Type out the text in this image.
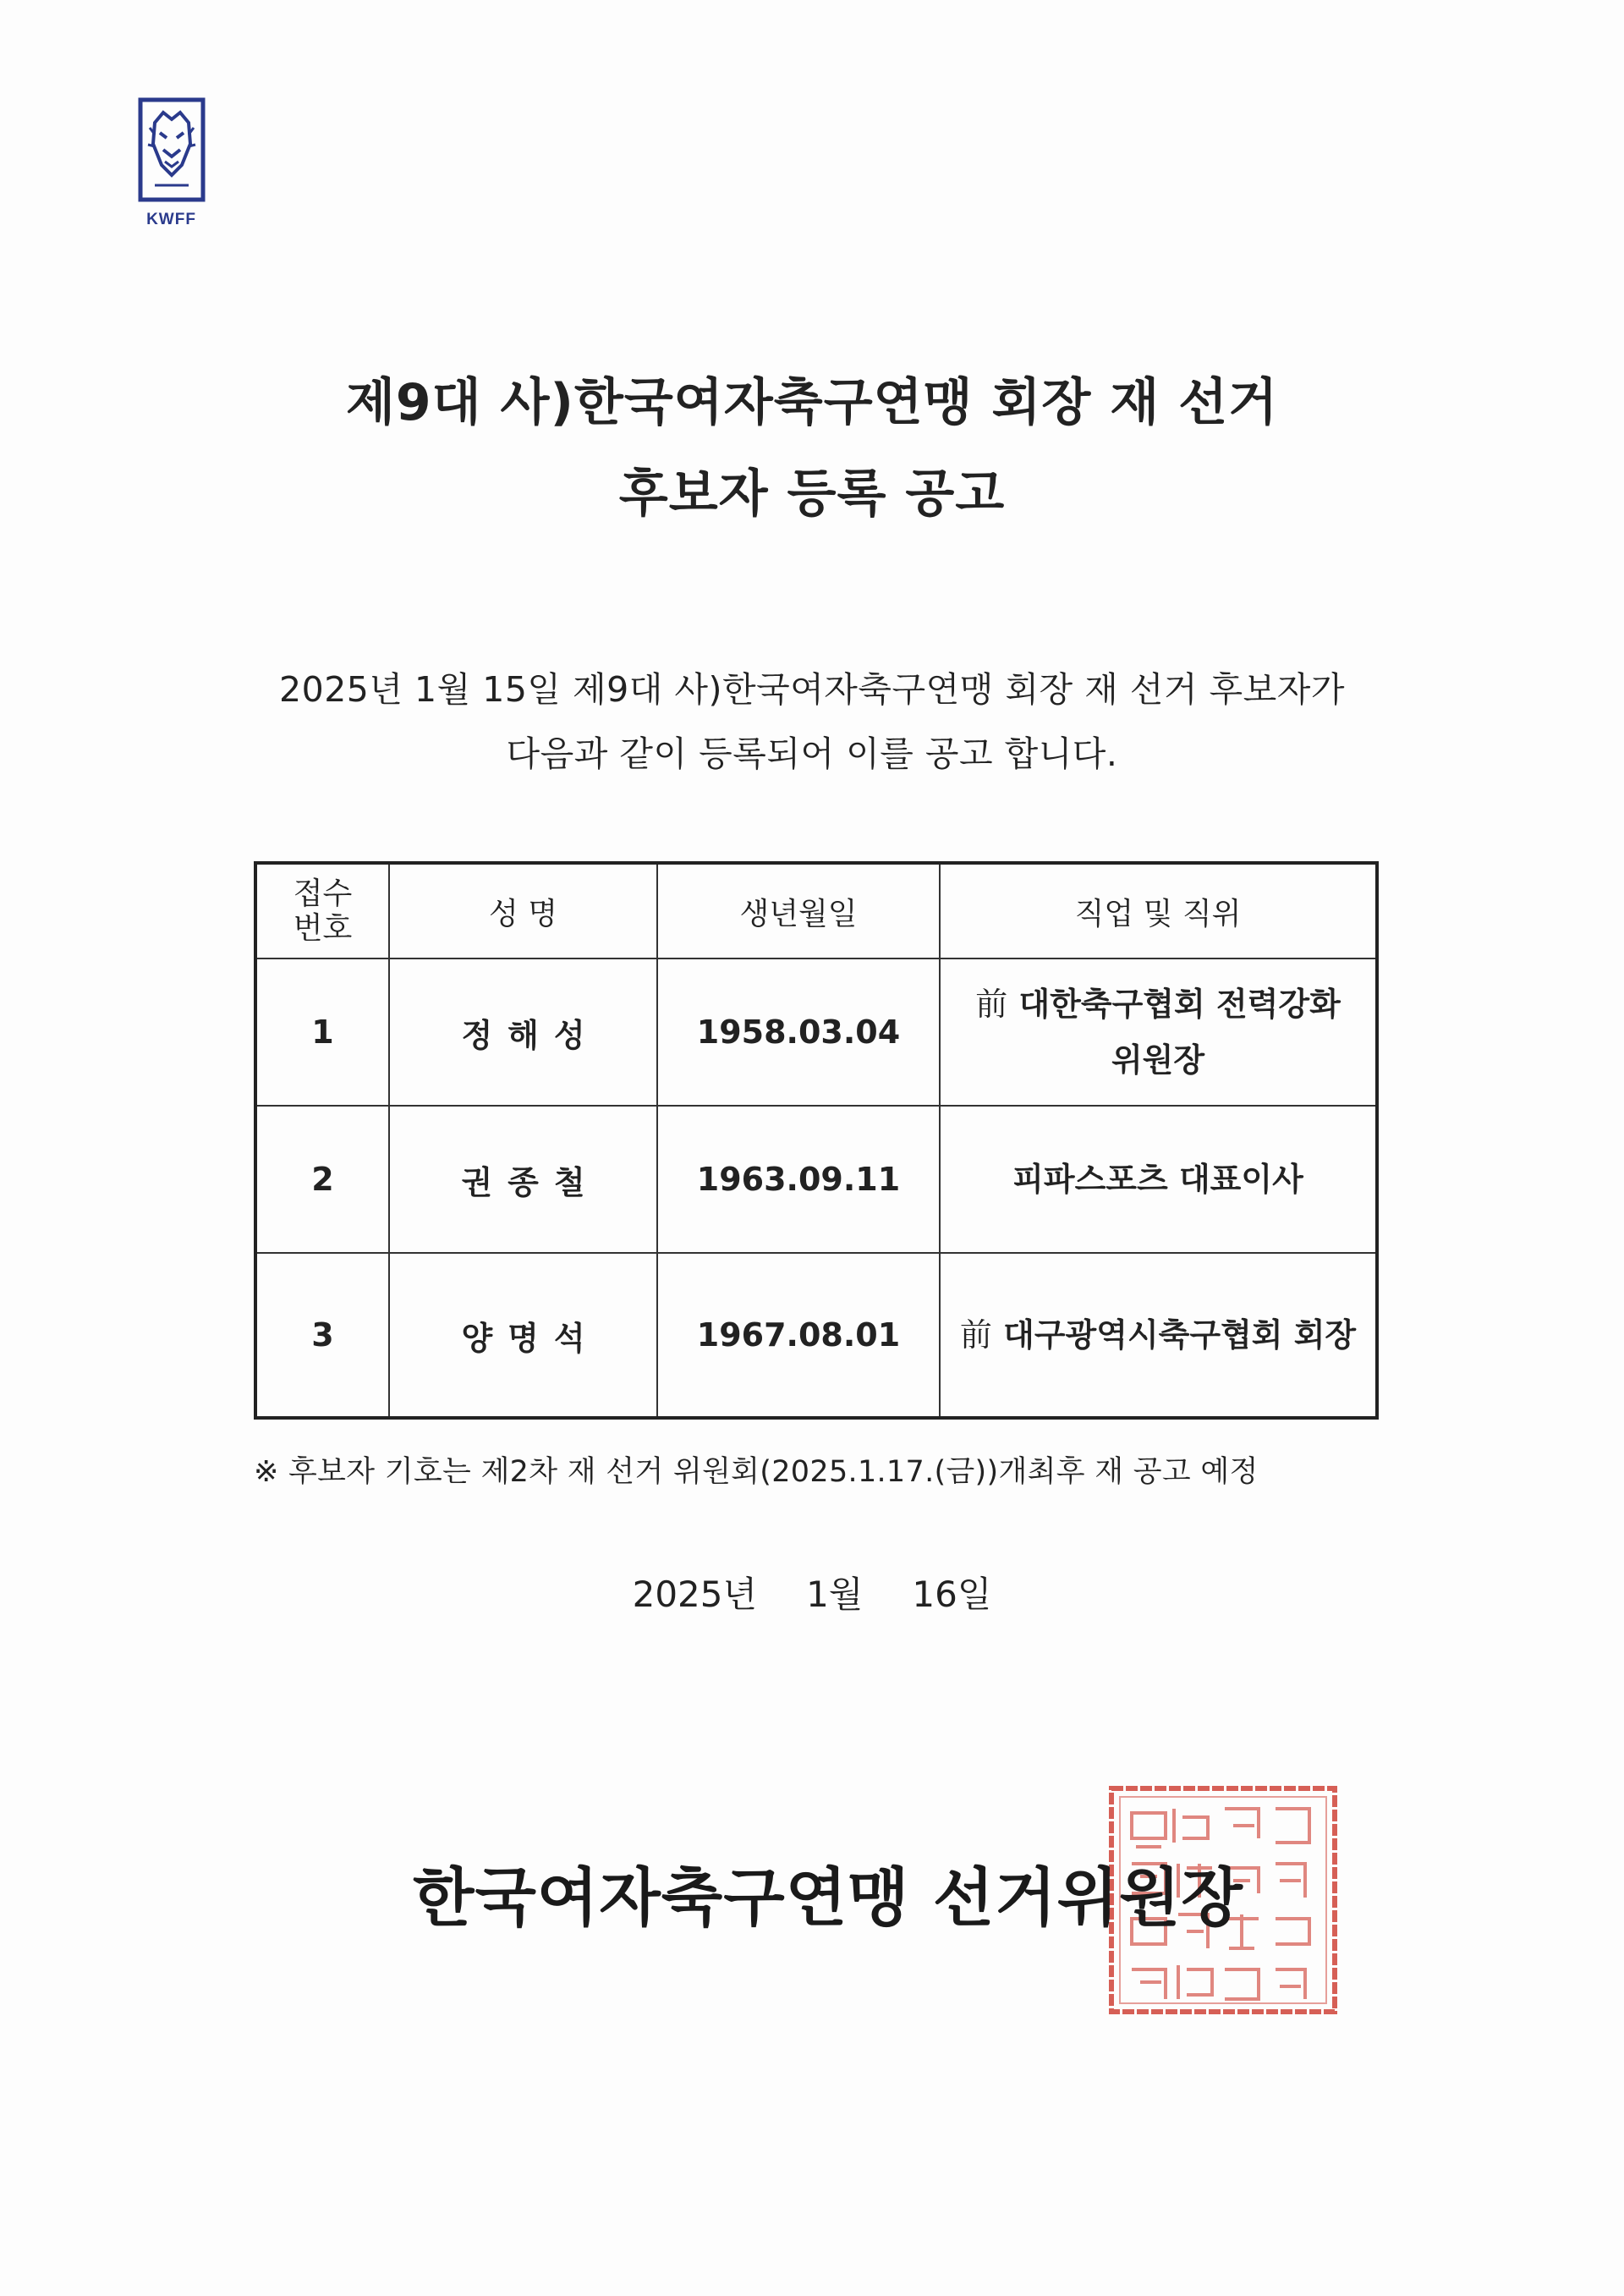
KWFF
제9대 사)한국여자축구연맹 회장 재 선거
후보자 등록 공고
2025년 1월 15일 제9대 사)한국여자축구연맹 회장 재 선거 후보자가
다음과 같이 등록되어 이를 공고 합니다.
접수
번호	성 명	생년월일	직업 및 직위
1	정해성	1958.03.04	前 대한축구협회 전력강화
위원장
2	권종철	1963.09.11	피파스포츠 대표이사
3	양명석	1967.08.01	前 대구광역시축구협회 회장
※ 후보자 기호는 제2차 재 선거 위원회(2025.1.17.(금))개최후 재 공고 예정
2025년 1월 16일
한국여자축구연맹 선거위원장
